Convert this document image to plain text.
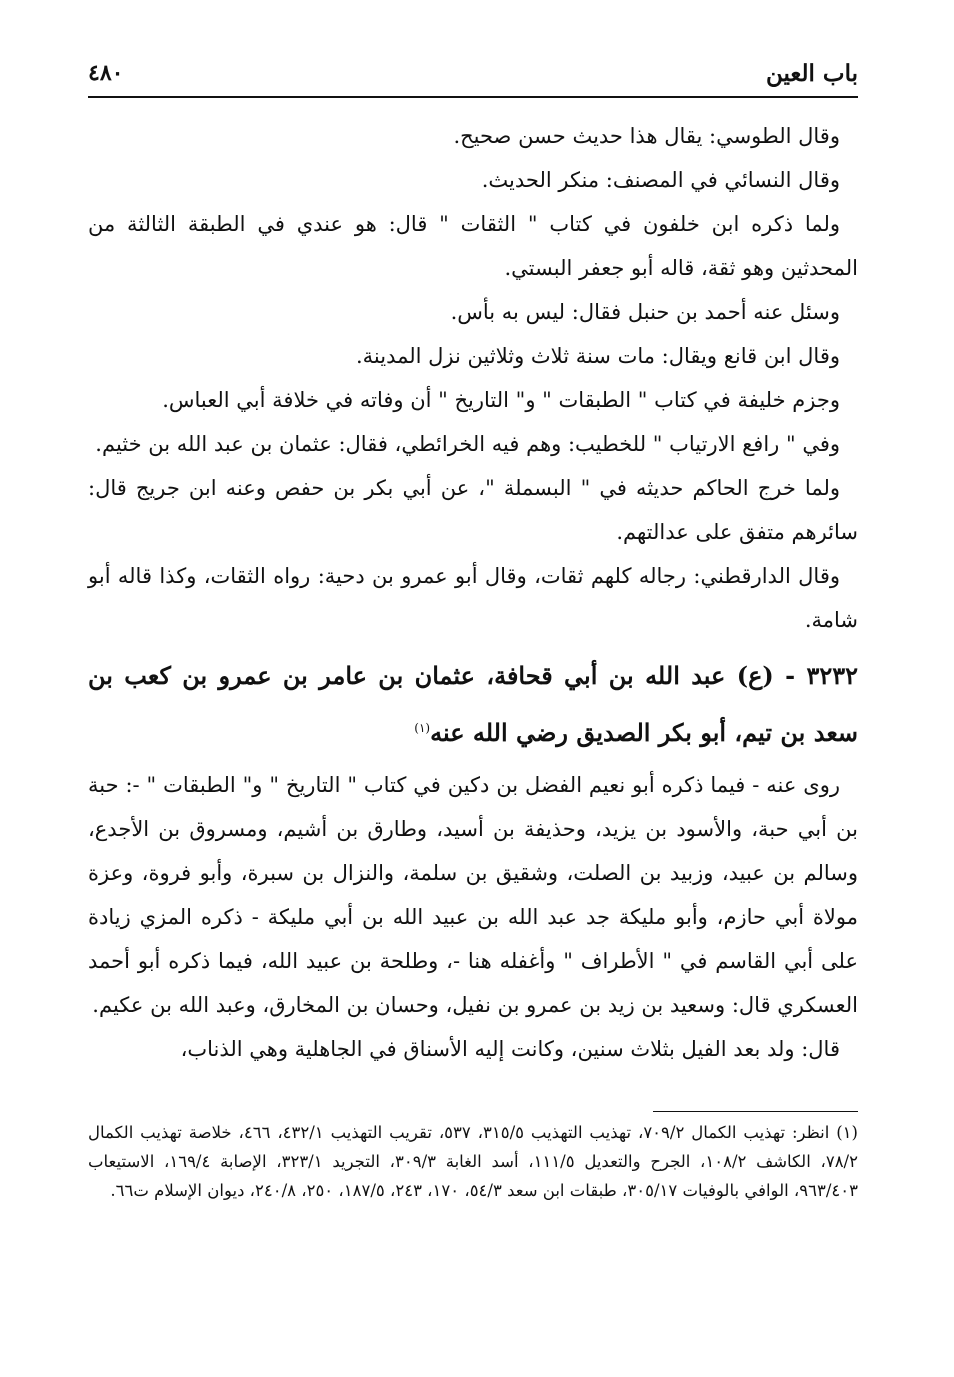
باب العين
٤٨٠

وقال الطوسي: يقال هذا حديث حسن صحيح.

وقال النسائي في المصنف: منكر الحديث.

ولما ذكره ابن خلفون في كتاب " الثقات " قال: هو عندي في الطبقة الثالثة من المحدثين وهو ثقة، قاله أبو جعفر البستي.

وسئل عنه أحمد بن حنبل فقال: ليس به بأس.

وقال ابن قانع ويقال: مات سنة ثلاث وثلاثين نزل المدينة.

وجزم خليفة في كتاب " الطبقات " و" التاريخ " أن وفاته في خلافة أبي العباس.

وفي " رافع الارتياب " للخطيب: وهم فيه الخرائطي، فقال: عثمان بن عبد الله بن خثيم.

ولما خرج الحاكم حديثه في " البسملة "، عن أبي بكر بن حفص وعنه ابن جريج قال: سائرهم متفق على عدالتهم.

وقال الدارقطني: رجاله كلهم ثقات، وقال أبو عمرو بن دحية: رواه الثقات، وكذا قاله أبو شامة.

٣٢٣٢ - (ع) عبد الله بن أبي قحافة، عثمان بن عامر بن عمرو بن كعب بن سعد بن تيم، أبو بكر الصديق رضي الله عنه$^{(١)}$

روى عنه - فيما ذكره أبو نعيم الفضل بن دكين في كتاب " التاريخ " و" الطبقات " -: حبة بن أبي حبة، والأسود بن يزيد، وحذيفة بن أسيد، وطارق بن أشيم، ومسروق بن الأجدع، وسالم بن عبيد، وزبيد بن الصلت، وشقيق بن سلمة، والنزال بن سبرة، وأبو فروة، وعزة مولاة أبي حازم، وأبو مليكة جد عبد الله بن عبيد الله بن أبي مليكة - ذكره المزي زيادة على أبي القاسم في " الأطراف " وأغفله هنا -، وطلحة بن عبيد الله، فيما ذكره أبو أحمد العسكري قال: وسعيد بن زيد بن عمرو بن نفيل، وحسان بن المخارق، وعبد الله بن عكيم.

قال: ولد بعد الفيل بثلاث سنين، وكانت إليه الأسناق في الجاهلية وهي الذناب،

(١) انظر: تهذيب الكمال ٧٠٩/٢، تهذيب التهذيب ٣١٥/٥، ٥٣٧، تقريب التهذيب ٤٣٢/١، ٤٦٦، خلاصة تهذيب الكمال ٧٨/٢، الكاشف ١٠٨/٢، الجرح والتعديل ١١١/٥، أسد الغابة ٣٠٩/٣، التجريد ٣٢٣/١، الإصابة ١٦٩/٤، الاستيعاب ٩٦٣/٤٠٣، الوافي بالوفيات ٣٠٥/١٧، طبقات ابن سعد ٥٤/٣، ١٧٠، ٢٤٣، ١٨٧/٥، ٢٥٠، ٢٤٠/٨، ديوان الإسلام ت٦٦.
